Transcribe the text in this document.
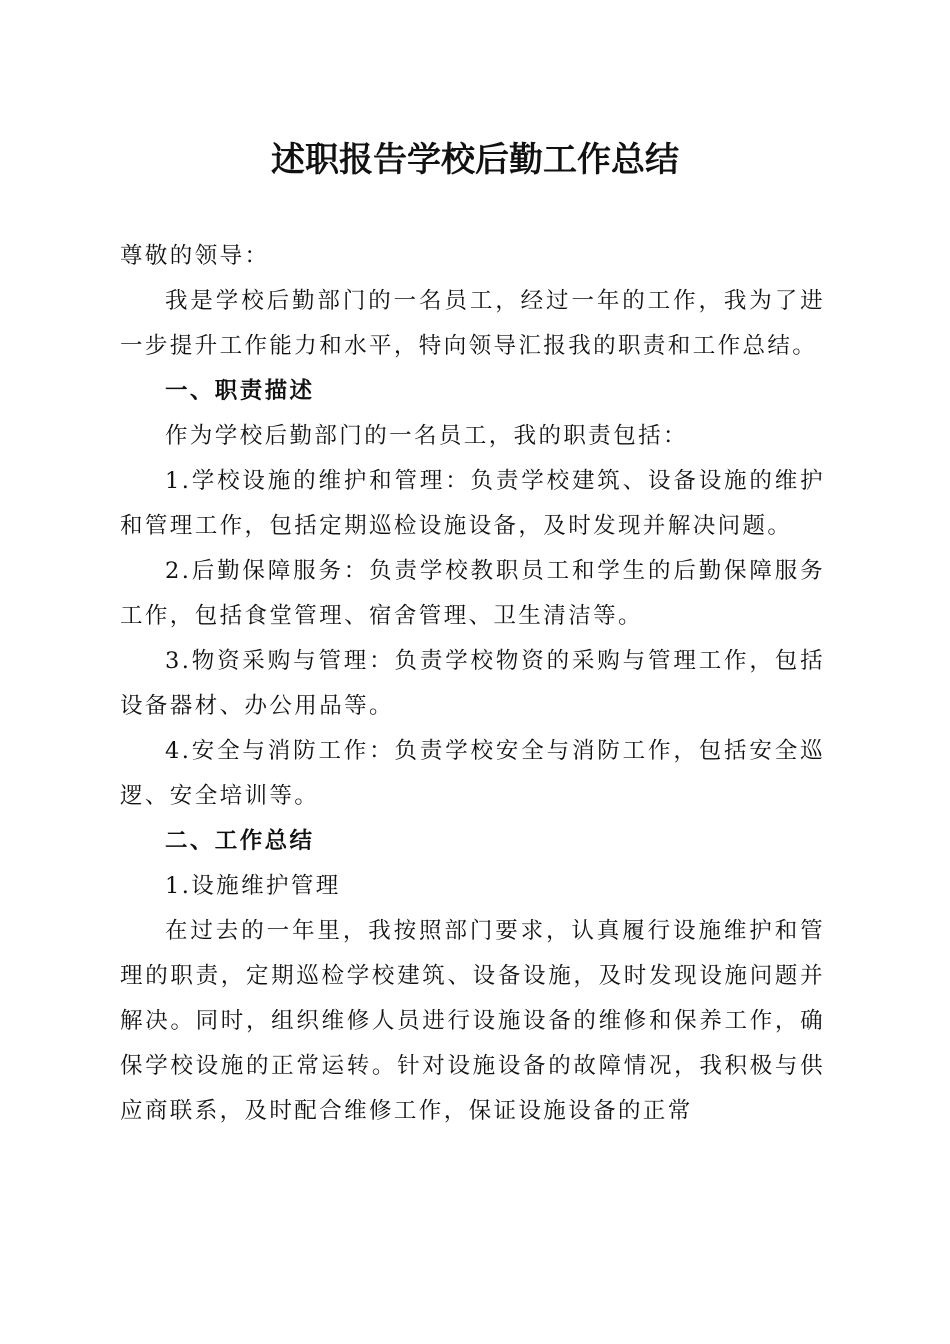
述职报告学校后勤工作总结

尊敬的领导：

我是学校后勤部门的一名员工，经过一年的工作，我为了进一步提升工作能力和水平，特向领导汇报我的职责和工作总结。

一、职责描述

作为学校后勤部门的一名员工，我的职责包括：

1.学校设施的维护和管理：负责学校建筑、设备设施的维护和管理工作，包括定期巡检设施设备，及时发现并解决问题。

2.后勤保障服务：负责学校教职员工和学生的后勤保障服务工作，包括食堂管理、宿舍管理、卫生清洁等。

3.物资采购与管理：负责学校物资的采购与管理工作，包括设备器材、办公用品等。

4.安全与消防工作：负责学校安全与消防工作，包括安全巡逻、安全培训等。

二、工作总结

1.设施维护管理

在过去的一年里，我按照部门要求，认真履行设施维护和管理的职责，定期巡检学校建筑、设备设施，及时发现设施问题并解决。同时，组织维修人员进行设施设备的维修和保养工作，确保学校设施的正常运转。针对设施设备的故障情况，我积极与供应商联系，及时配合维修工作，保证设施设备的正常
